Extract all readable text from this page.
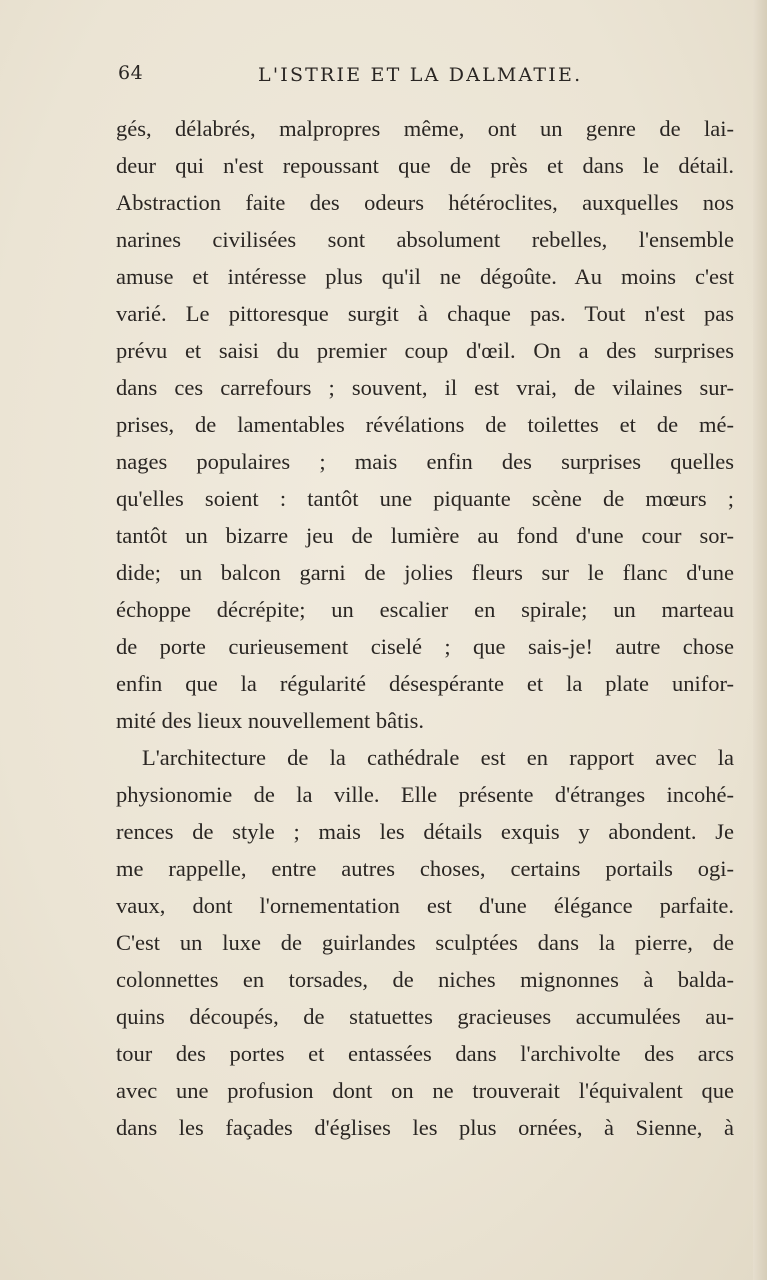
64	L'ISTRIE ET LA DALMATIE.
gés, délabrés, malpropres même, ont un genre de lai-
deur qui n'est repoussant que de près et dans le détail.
Abstraction faite des odeurs hétéroclites, auxquelles nos
narines civilisées sont absolument rebelles, l'ensemble
amuse et intéresse plus qu'il ne dégoûte. Au moins c'est
varié. Le pittoresque surgit à chaque pas. Tout n'est pas
prévu et saisi du premier coup d'œil. On a des surprises
dans ces carrefours ; souvent, il est vrai, de vilaines sur-
prises, de lamentables révélations de toilettes et de mé-
nages populaires ; mais enfin des surprises quelles
qu'elles soient : tantôt une piquante scène de mœurs ;
tantôt un bizarre jeu de lumière au fond d'une cour sor-
dide; un balcon garni de jolies fleurs sur le flanc d'une
échoppe décrépite; un escalier en spirale; un marteau
de porte curieusement ciselé ; que sais-je! autre chose
enfin que la régularité désespérante et la plate unifor-
mité des lieux nouvellement bâtis.
L'architecture de la cathédrale est en rapport avec la
physionomie de la ville. Elle présente d'étranges incohé-
rences de style ; mais les détails exquis y abondent. Je
me rappelle, entre autres choses, certains portails ogi-
vaux, dont l'ornementation est d'une élégance parfaite.
C'est un luxe de guirlandes sculptées dans la pierre, de
colonnettes en torsades, de niches mignonnes à balda-
quins découpés, de statuettes gracieuses accumulées au-
tour des portes et entassées dans l'archivolte des arcs
avec une profusion dont on ne trouverait l'équivalent que
dans les façades d'églises les plus ornées, à Sienne, à
